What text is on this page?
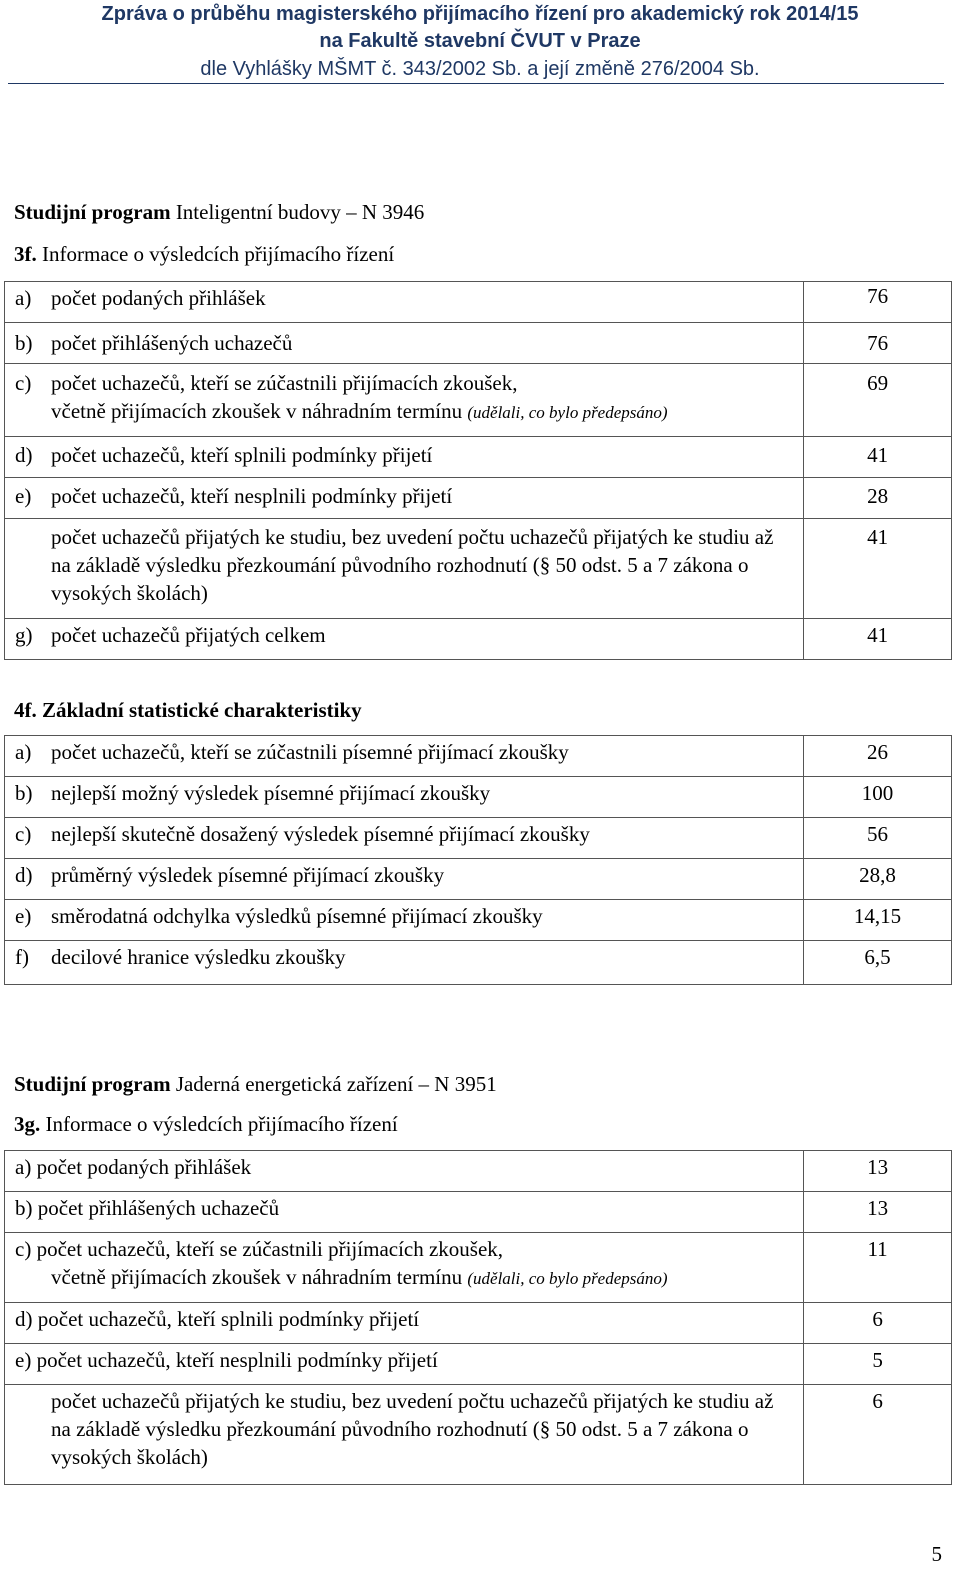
Zpráva o průběhu magisterského přijímacího řízení pro akademický rok 2014/15
na Fakultě stavební ČVUT v Praze
dle Vyhlášky MŠMT č. 343/2002 Sb. a její změně 276/2004 Sb.
Studijní program Inteligentní budovy – N 3946
3f. Informace o výsledcích přijímacího řízení
a) počet podaných přihlášek	76
b) počet přihlášených uchazečů	76
c) počet uchazečů, kteří se zúčastnili přijímacích zkoušek,
včetně přijímacích zkoušek v náhradním termínu (udělali, co bylo předepsáno)	69
d) počet uchazečů, kteří splnili podmínky přijetí	41
e) počet uchazečů, kteří nesplnili podmínky přijetí	28

počet uchazečů přijatých ke studiu, bez uvedení počtu uchazečů přijatých ke studiu až na základě výsledku přezkoumání původního rozhodnutí (§ 50 odst. 5 a 7 zákona o vysokých školách)	41
g) počet uchazečů přijatých celkem	41
4f. Základní statistické charakteristiky
a) počet uchazečů, kteří se zúčastnili písemné přijímací zkoušky	26
b) nejlepší možný výsledek písemné přijímací zkoušky	100
c) nejlepší skutečně dosažený výsledek písemné přijímací zkoušky	56
d) průměrný výsledek písemné přijímací zkoušky	28,8
e) směrodatná odchylka výsledků písemné přijímací zkoušky	14,15
f) decilové hranice výsledku zkoušky	6,5
Studijní program Jaderná energetická zařízení – N 3951
3g. Informace o výsledcích přijímacího řízení
a) počet podaných přihlášek	13
b) počet přihlášených uchazečů	13
c) počet uchazečů, kteří se zúčastnili přijímacích zkoušek,
včetně přijímacích zkoušek v náhradním termínu (udělali, co bylo předepsáno)	11
d) počet uchazečů, kteří splnili podmínky přijetí	6
e) počet uchazečů, kteří nesplnili podmínky přijetí	5

počet uchazečů přijatých ke studiu, bez uvedení počtu uchazečů přijatých ke studiu až na základě výsledku přezkoumání původního rozhodnutí (§ 50 odst. 5 a 7 zákona o vysokých školách)	6
5
